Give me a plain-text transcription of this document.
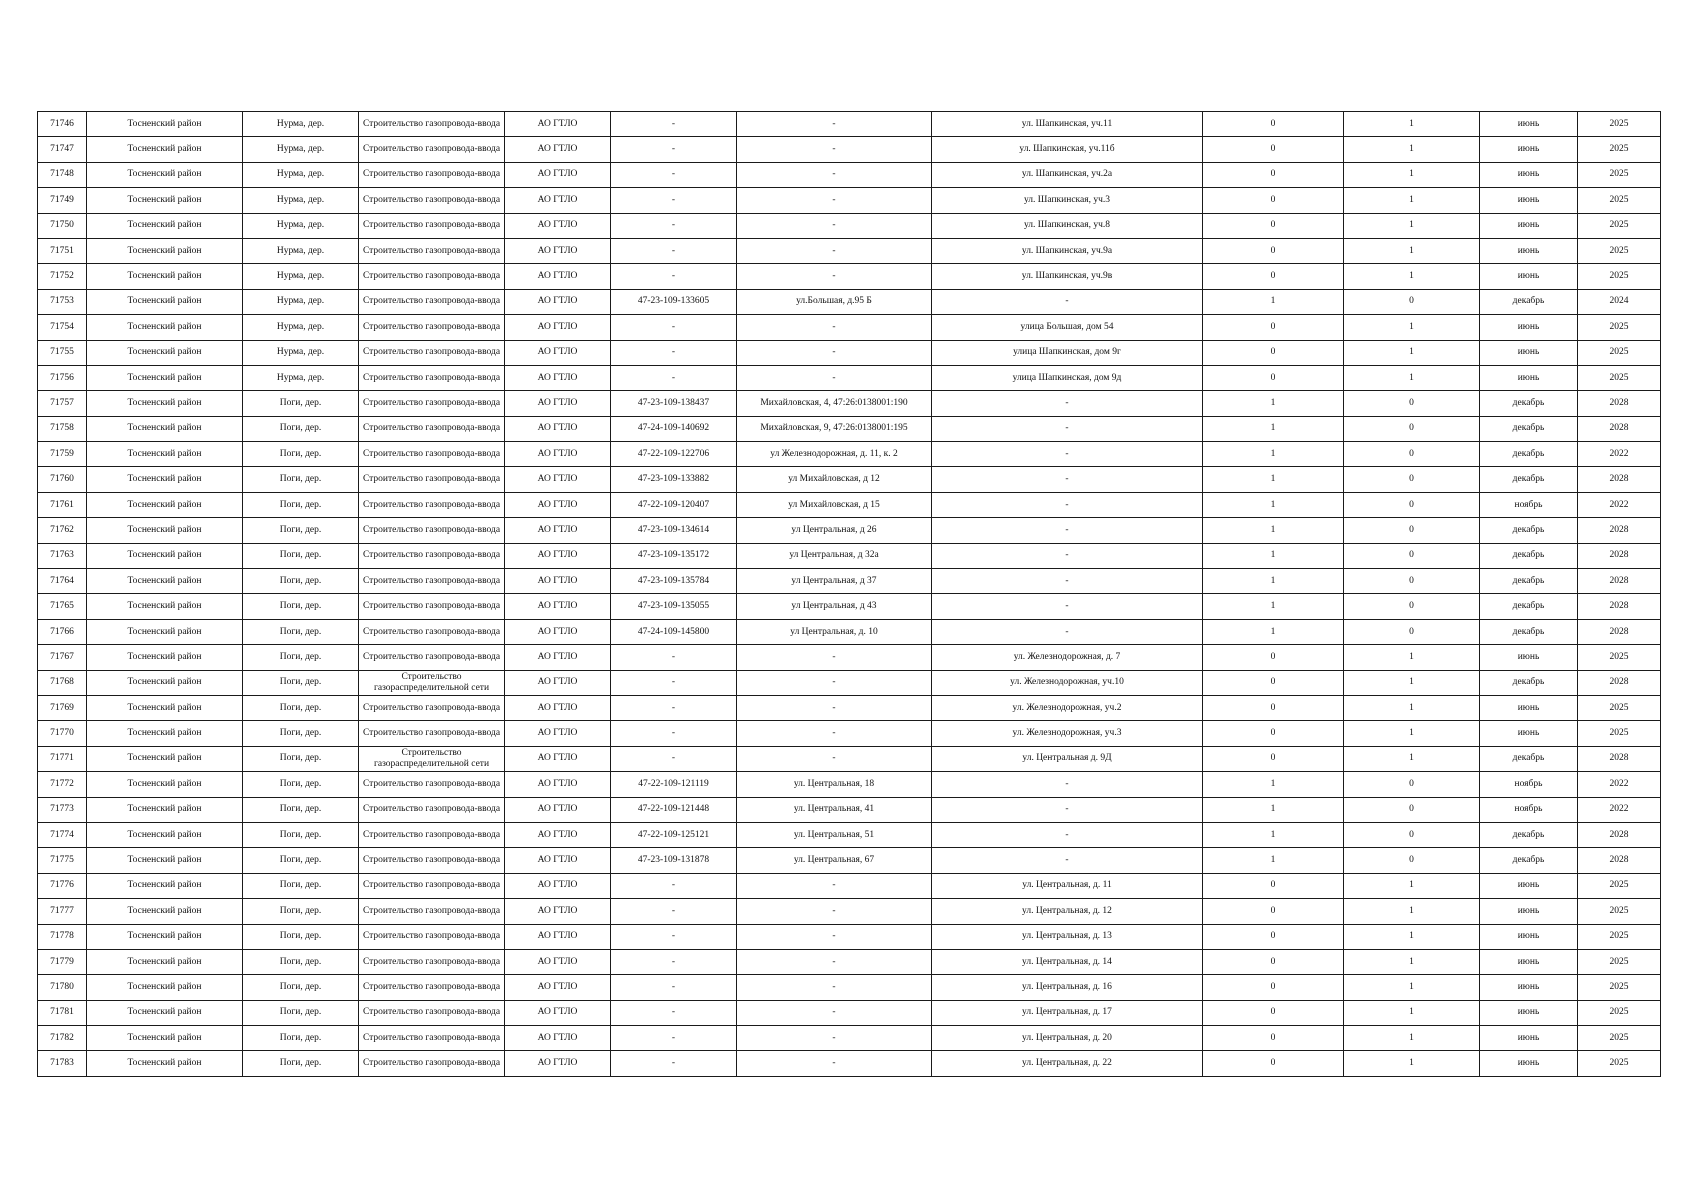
71746	Тосненский район	Нурма, дер.	Строительство газопровода-ввода	АО ГТЛО	-	-	ул. Шапкинская, уч.11	0	1	июнь	2025
71747	Тосненский район	Нурма, дер.	Строительство газопровода-ввода	АО ГТЛО	-	-	ул. Шапкинская, уч.11б	0	1	июнь	2025
71748	Тосненский район	Нурма, дер.	Строительство газопровода-ввода	АО ГТЛО	-	-	ул. Шапкинская, уч.2а	0	1	июнь	2025
71749	Тосненский район	Нурма, дер.	Строительство газопровода-ввода	АО ГТЛО	-	-	ул. Шапкинская, уч.3	0	1	июнь	2025
71750	Тосненский район	Нурма, дер.	Строительство газопровода-ввода	АО ГТЛО	-	-	ул. Шапкинская, уч.8	0	1	июнь	2025
71751	Тосненский район	Нурма, дер.	Строительство газопровода-ввода	АО ГТЛО	-	-	ул. Шапкинская, уч.9а	0	1	июнь	2025
71752	Тосненский район	Нурма, дер.	Строительство газопровода-ввода	АО ГТЛО	-	-	ул. Шапкинская, уч.9в	0	1	июнь	2025
71753	Тосненский район	Нурма, дер.	Строительство газопровода-ввода	АО ГТЛО	47-23-109-133605	ул.Большая, д.95 Б	-	1	0	декабрь	2024
71754	Тосненский район	Нурма, дер.	Строительство газопровода-ввода	АО ГТЛО	-	-	улица Большая, дом 54	0	1	июнь	2025
71755	Тосненский район	Нурма, дер.	Строительство газопровода-ввода	АО ГТЛО	-	-	улица Шапкинская, дом 9г	0	1	июнь	2025
71756	Тосненский район	Нурма, дер.	Строительство газопровода-ввода	АО ГТЛО	-	-	улица Шапкинская, дом 9д	0	1	июнь	2025
71757	Тосненский район	Поги, дер.	Строительство газопровода-ввода	АО ГТЛО	47-23-109-138437	Михайловская, 4, 47:26:0138001:190	-	1	0	декабрь	2028
71758	Тосненский район	Поги, дер.	Строительство газопровода-ввода	АО ГТЛО	47-24-109-140692	Михайловская, 9, 47:26:0138001:195	-	1	0	декабрь	2028
71759	Тосненский район	Поги, дер.	Строительство газопровода-ввода	АО ГТЛО	47-22-109-122706	ул Железнодорожная, д. 11, к. 2	-	1	0	декабрь	2022
71760	Тосненский район	Поги, дер.	Строительство газопровода-ввода	АО ГТЛО	47-23-109-133882	ул Михайловская, д 12	-	1	0	декабрь	2028
71761	Тосненский район	Поги, дер.	Строительство газопровода-ввода	АО ГТЛО	47-22-109-120407	ул Михайловская, д 15	-	1	0	ноябрь	2022
71762	Тосненский район	Поги, дер.	Строительство газопровода-ввода	АО ГТЛО	47-23-109-134614	ул Центральная, д 26	-	1	0	декабрь	2028
71763	Тосненский район	Поги, дер.	Строительство газопровода-ввода	АО ГТЛО	47-23-109-135172	ул Центральная, д 32а	-	1	0	декабрь	2028
71764	Тосненский район	Поги, дер.	Строительство газопровода-ввода	АО ГТЛО	47-23-109-135784	ул Центральная, д 37	-	1	0	декабрь	2028
71765	Тосненский район	Поги, дер.	Строительство газопровода-ввода	АО ГТЛО	47-23-109-135055	ул Центральная, д 43	-	1	0	декабрь	2028
71766	Тосненский район	Поги, дер.	Строительство газопровода-ввода	АО ГТЛО	47-24-109-145800	ул Центральная, д. 10	-	1	0	декабрь	2028
71767	Тосненский район	Поги, дер.	Строительство газопровода-ввода	АО ГТЛО	-	-	ул. Железнодорожная, д. 7	0	1	июнь	2025
71768	Тосненский район	Поги, дер.	Строительство газораспределительной сети	АО ГТЛО	-	-	ул. Железнодорожная, уч.10	0	1	декабрь	2028
71769	Тосненский район	Поги, дер.	Строительство газопровода-ввода	АО ГТЛО	-	-	ул. Железнодорожная, уч.2	0	1	июнь	2025
71770	Тосненский район	Поги, дер.	Строительство газопровода-ввода	АО ГТЛО	-	-	ул. Железнодорожная, уч.3	0	1	июнь	2025
71771	Тосненский район	Поги, дер.	Строительство газораспределительной сети	АО ГТЛО	-	-	ул. Центральная д. 9Д	0	1	декабрь	2028
71772	Тосненский район	Поги, дер.	Строительство газопровода-ввода	АО ГТЛО	47-22-109-121119	ул. Центральная, 18	-	1	0	ноябрь	2022
71773	Тосненский район	Поги, дер.	Строительство газопровода-ввода	АО ГТЛО	47-22-109-121448	ул. Центральная, 41	-	1	0	ноябрь	2022
71774	Тосненский район	Поги, дер.	Строительство газопровода-ввода	АО ГТЛО	47-22-109-125121	ул. Центральная, 51	-	1	0	декабрь	2028
71775	Тосненский район	Поги, дер.	Строительство газопровода-ввода	АО ГТЛО	47-23-109-131878	ул. Центральная, 67	-	1	0	декабрь	2028
71776	Тосненский район	Поги, дер.	Строительство газопровода-ввода	АО ГТЛО	-	-	ул. Центральная, д. 11	0	1	июнь	2025
71777	Тосненский район	Поги, дер.	Строительство газопровода-ввода	АО ГТЛО	-	-	ул. Центральная, д. 12	0	1	июнь	2025
71778	Тосненский район	Поги, дер.	Строительство газопровода-ввода	АО ГТЛО	-	-	ул. Центральная, д. 13	0	1	июнь	2025
71779	Тосненский район	Поги, дер.	Строительство газопровода-ввода	АО ГТЛО	-	-	ул. Центральная, д. 14	0	1	июнь	2025
71780	Тосненский район	Поги, дер.	Строительство газопровода-ввода	АО ГТЛО	-	-	ул. Центральная, д. 16	0	1	июнь	2025
71781	Тосненский район	Поги, дер.	Строительство газопровода-ввода	АО ГТЛО	-	-	ул. Центральная, д. 17	0	1	июнь	2025
71782	Тосненский район	Поги, дер.	Строительство газопровода-ввода	АО ГТЛО	-	-	ул. Центральная, д. 20	0	1	июнь	2025
71783	Тосненский район	Поги, дер.	Строительство газопровода-ввода	АО ГТЛО	-	-	ул. Центральная, д. 22	0	1	июнь	2025
